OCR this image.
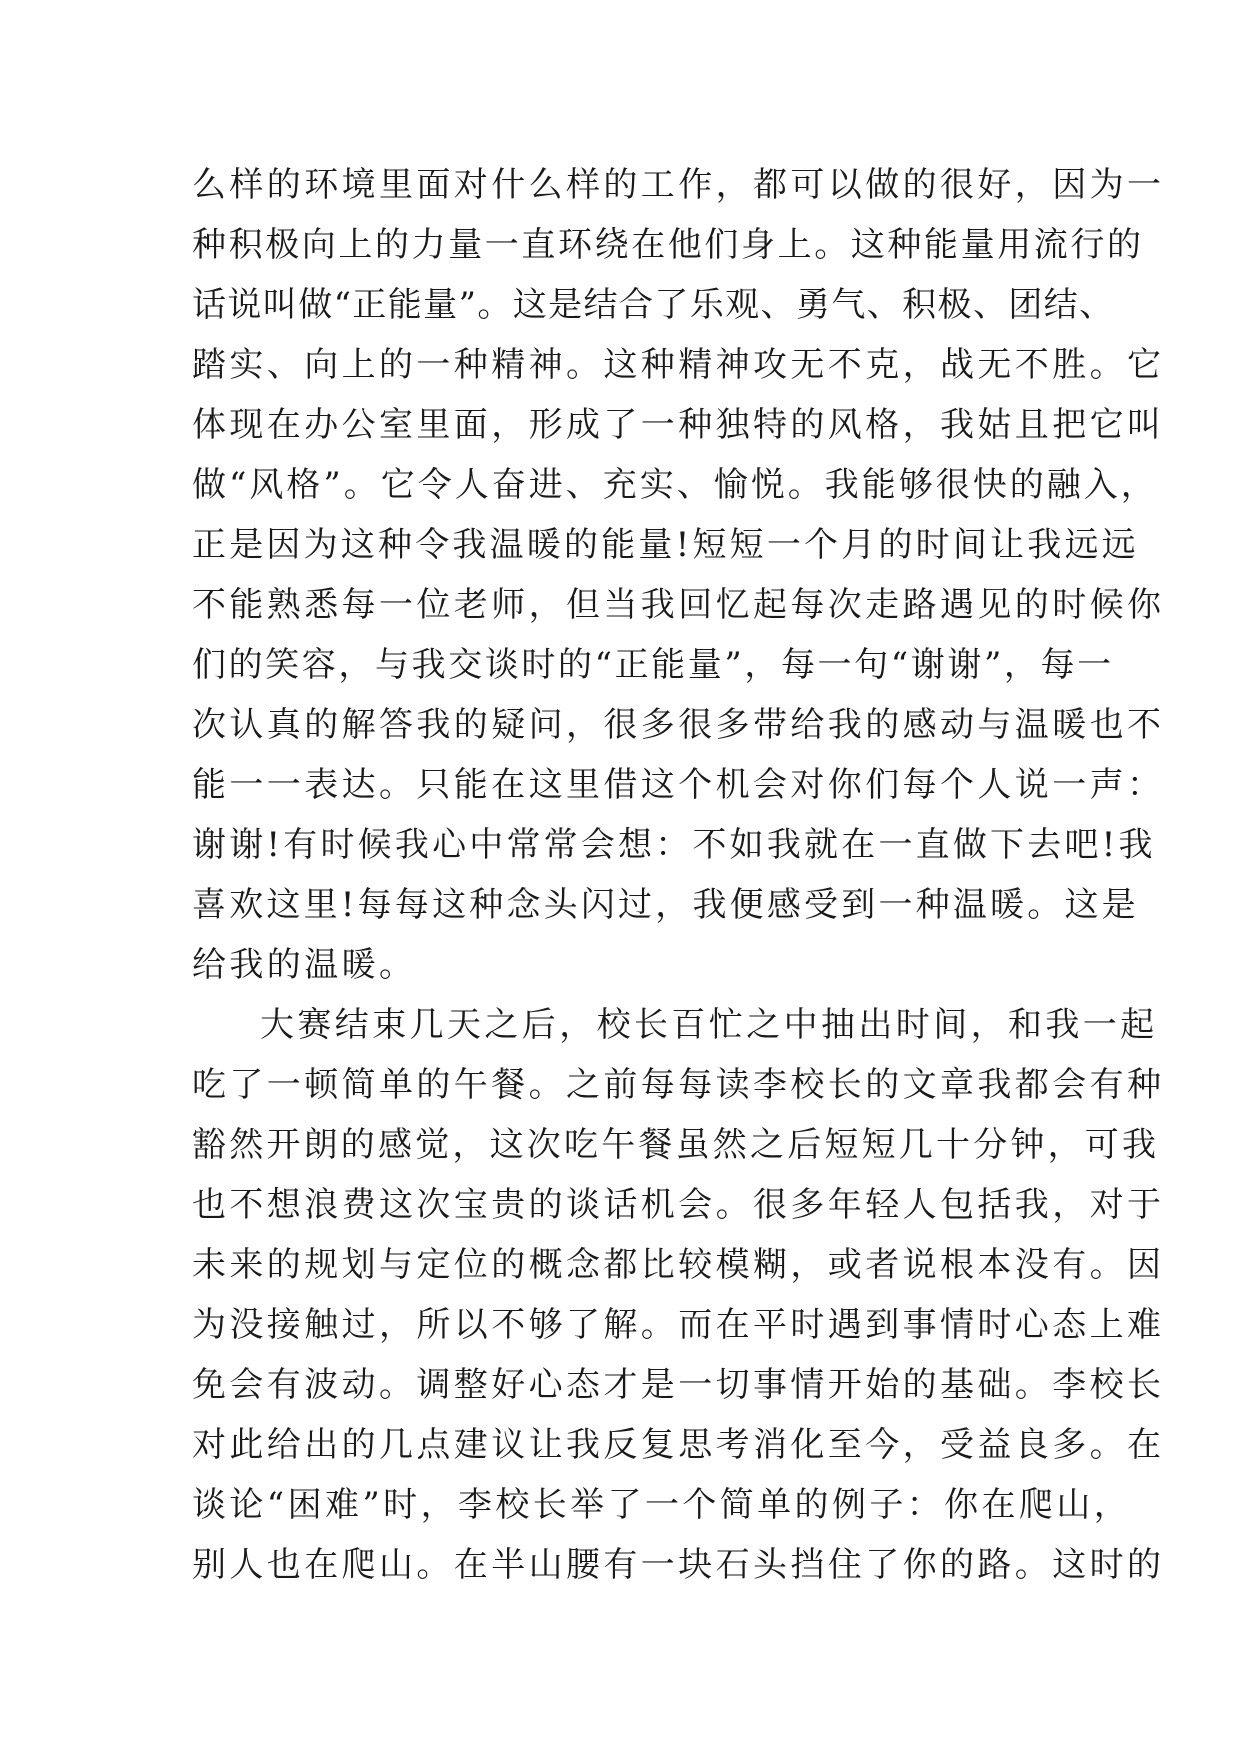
么样的环境里面对什么样的工作，都可以做的很好，因为一
种积极向上的力量一直环绕在他们身上。这种能量用流行的
话说叫做“正能量”。这是结合了乐观、勇气、积极、团结、
踏实、向上的一种精神。这种精神攻无不克，战无不胜。它
体现在办公室里面，形成了一种独特的风格，我姑且把它叫
做“风格”。它令人奋进、充实、愉悦。我能够很快的融入，
正是因为这种令我温暖的能量!短短一个月的时间让我远远
不能熟悉每一位老师，但当我回忆起每次走路遇见的时候你
们的笑容，与我交谈时的“正能量”，每一句“谢谢”，每一
次认真的解答我的疑问，很多很多带给我的感动与温暖也不
能一一表达。只能在这里借这个机会对你们每个人说一声：
谢谢!有时候我心中常常会想：不如我就在一直做下去吧!我
喜欢这里!每每这种念头闪过，我便感受到一种温暖。这是
给我的温暖。
大赛结束几天之后，校长百忙之中抽出时间，和我一起
吃了一顿简单的午餐。之前每每读李校长的文章我都会有种
豁然开朗的感觉，这次吃午餐虽然之后短短几十分钟，可我
也不想浪费这次宝贵的谈话机会。很多年轻人包括我，对于
未来的规划与定位的概念都比较模糊，或者说根本没有。因
为没接触过，所以不够了解。而在平时遇到事情时心态上难
免会有波动。调整好心态才是一切事情开始的基础。李校长
对此给出的几点建议让我反复思考消化至今，受益良多。在
谈论“困难”时，李校长举了一个简单的例子：你在爬山，
别人也在爬山。在半山腰有一块石头挡住了你的路。这时的
